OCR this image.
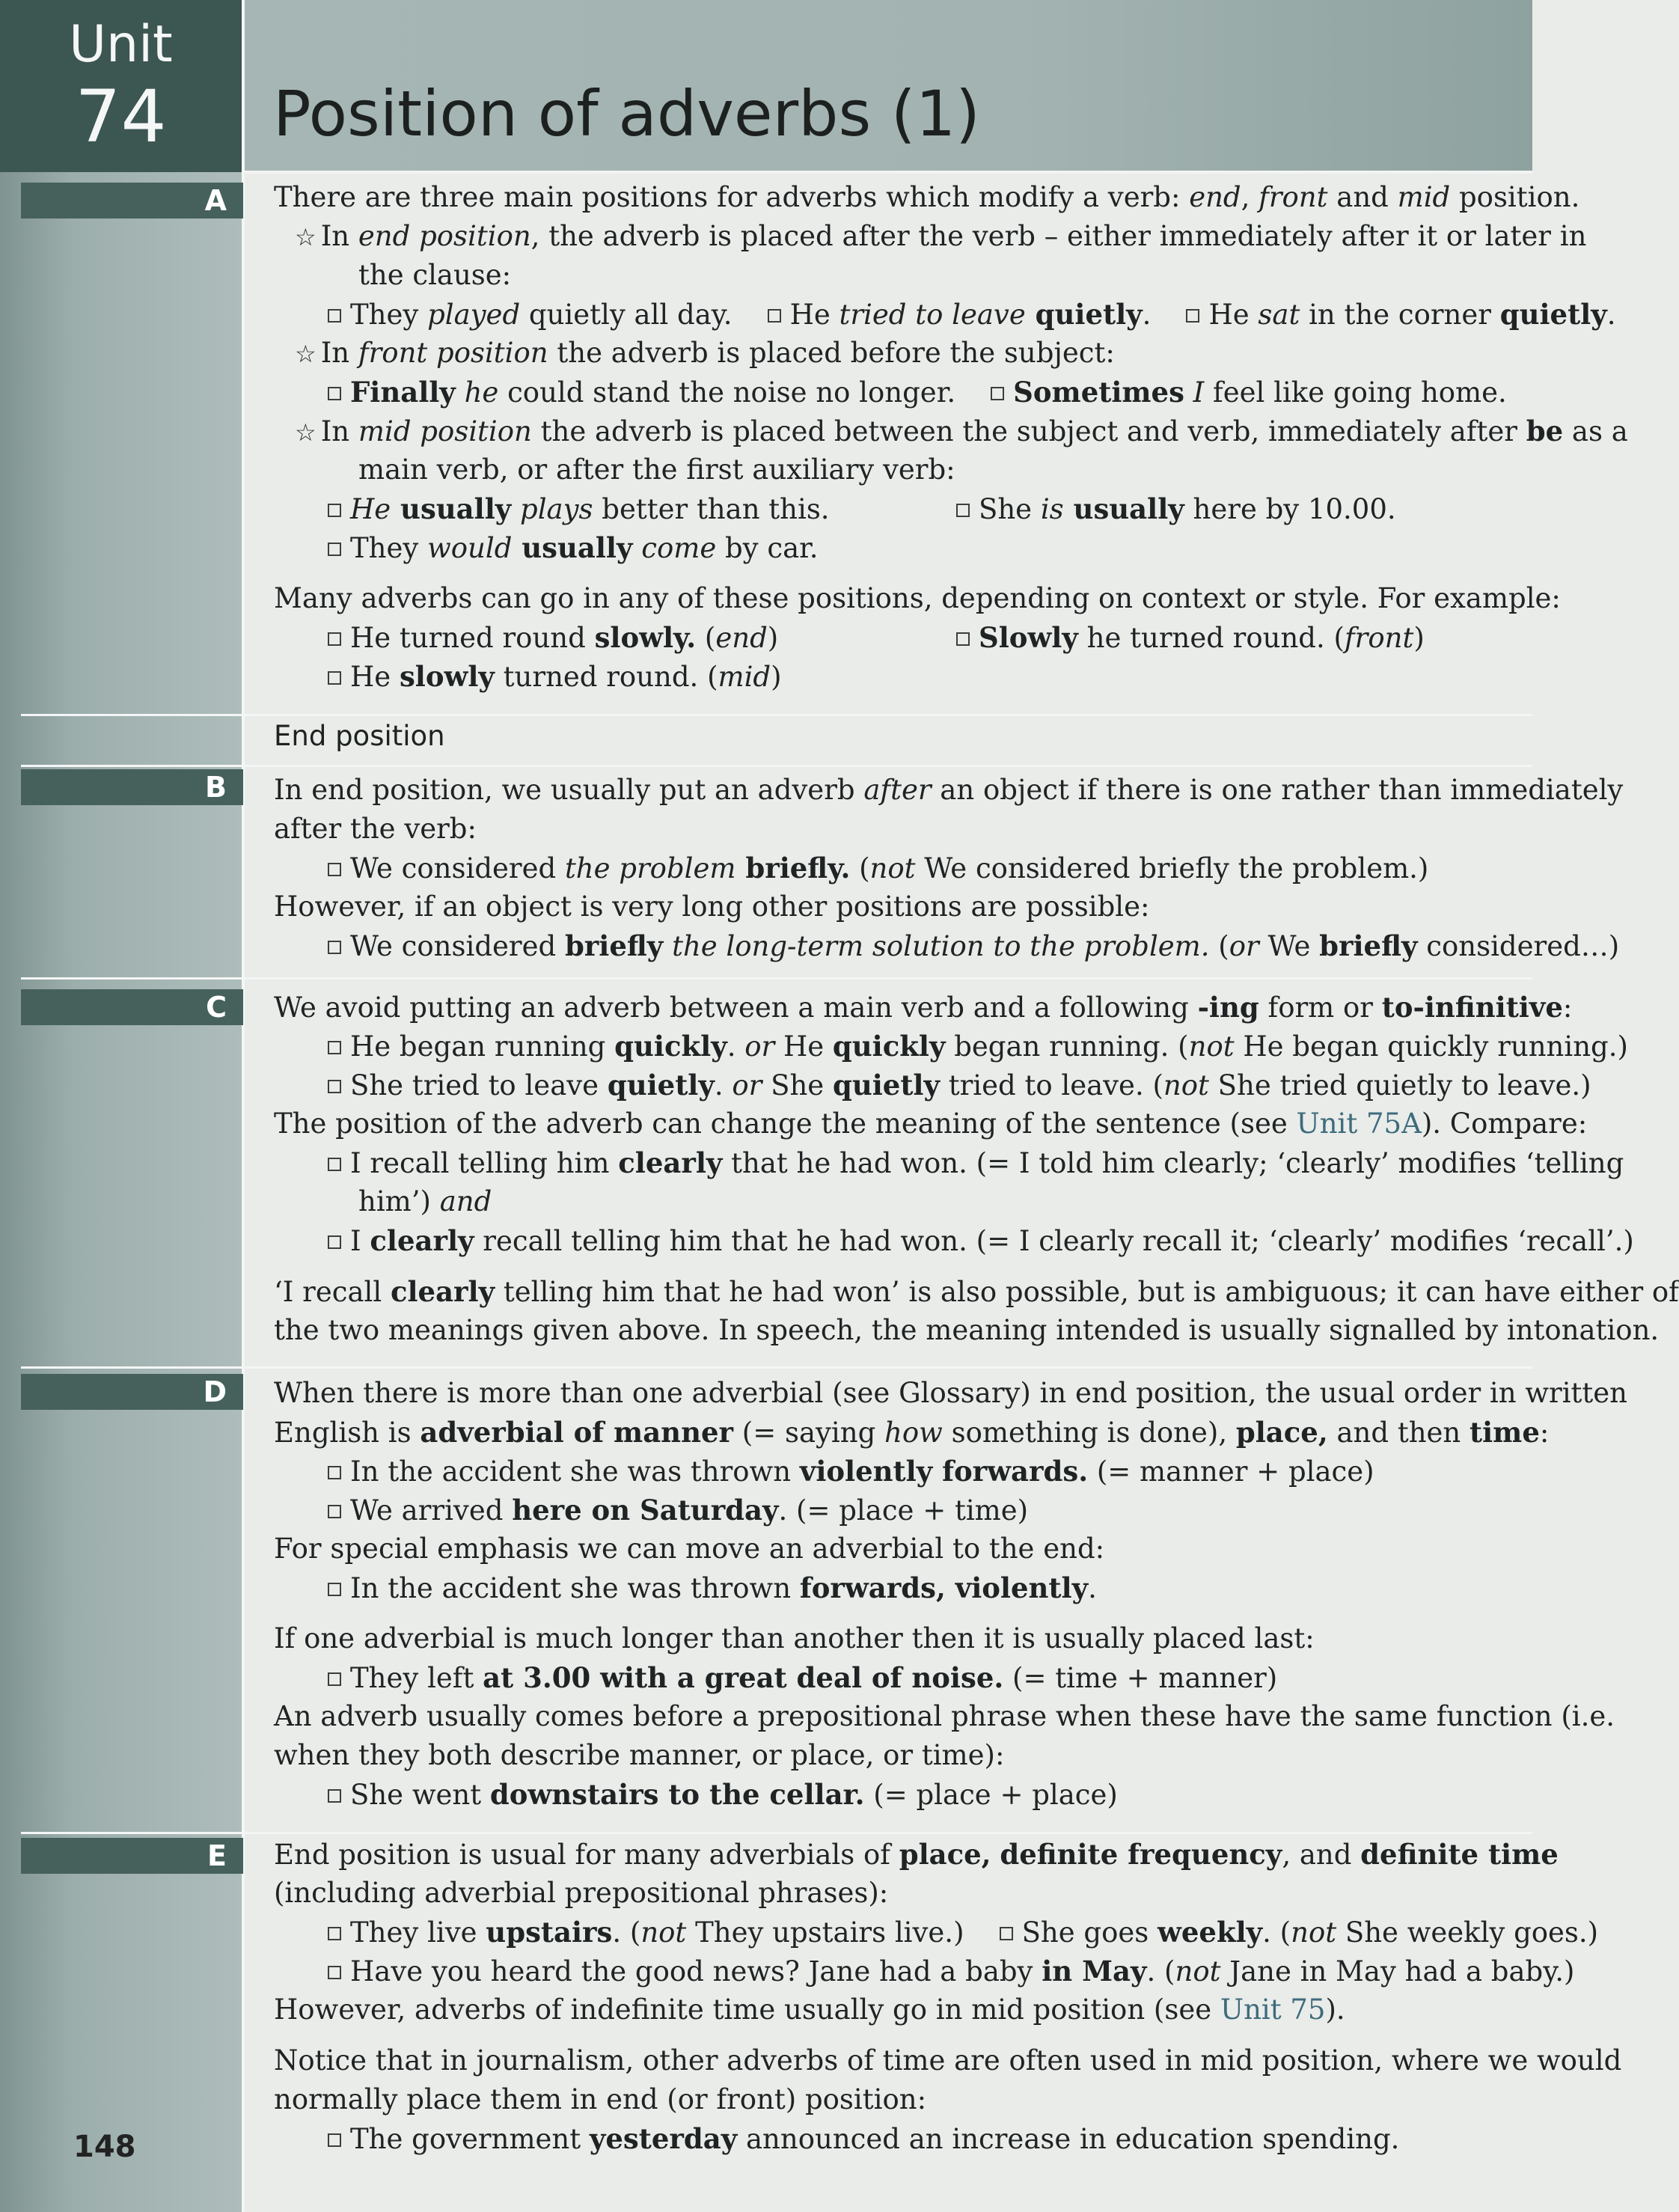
Unit
74	Position of adverbs (1)
A
B
C
D
E
There are three main positions for adverbs which modify a verb: end, front and mid position.
☆ In end position, the adverb is placed after the verb – either immediately after it or later in
the clause:
They played quietly all day. He tried to leave quietly. He sat in the corner quietly.
☆ In front position the adverb is placed before the subject:
Finally he could stand the noise no longer. Sometimes I feel like going home.
☆ In mid position the adverb is placed between the subject and verb, immediately after be as a
main verb, or after the first auxiliary verb:
He usually plays better than this.	She is usually here by 10.00.
They would usually come by car.
Many adverbs can go in any of these positions, depending on context or style. For example:
He turned round slowly. (end)	Slowly he turned round. (front)
He slowly turned round. (mid)
End position
In end position, we usually put an adverb after an object if there is one rather than immediately
after the verb:
We considered the problem briefly. (not We considered briefly the problem.)
However, if an object is very long other positions are possible:
We considered briefly the long-term solution to the problem. (or We briefly considered…)
We avoid putting an adverb between a main verb and a following -ing form or to-infinitive:
He began running quickly. or He quickly began running. (not He began quickly running.)
She tried to leave quietly. or She quietly tried to leave. (not She tried quietly to leave.)
The position of the adverb can change the meaning of the sentence (see Unit 75A). Compare:
I recall telling him clearly that he had won. (= I told him clearly; ‘clearly’ modifies ‘telling
him’) and
I clearly recall telling him that he had won. (= I clearly recall it; ‘clearly’ modifies ‘recall’.)
‘I recall clearly telling him that he had won’ is also possible, but is ambiguous; it can have either of
the two meanings given above. In speech, the meaning intended is usually signalled by intonation.
When there is more than one adverbial (see Glossary) in end position, the usual order in written
English is adverbial of manner (= saying how something is done), place, and then time:
In the accident she was thrown violently forwards. (= manner + place)
We arrived here on Saturday. (= place + time)
For special emphasis we can move an adverbial to the end:
In the accident she was thrown forwards, violently.
If one adverbial is much longer than another then it is usually placed last:
They left at 3.00 with a great deal of noise. (= time + manner)
An adverb usually comes before a prepositional phrase when these have the same function (i.e.
when they both describe manner, or place, or time):
She went downstairs to the cellar. (= place + place)
End position is usual for many adverbials of place, definite frequency, and definite time
(including adverbial prepositional phrases):
They live upstairs. (not They upstairs live.) She goes weekly. (not She weekly goes.)
Have you heard the good news? Jane had a baby in May. (not Jane in May had a baby.)
However, adverbs of indefinite time usually go in mid position (see Unit 75).
Notice that in journalism, other adverbs of time are often used in mid position, where we would
normally place them in end (or front) position:
The government yesterday announced an increase in education spending.
148
